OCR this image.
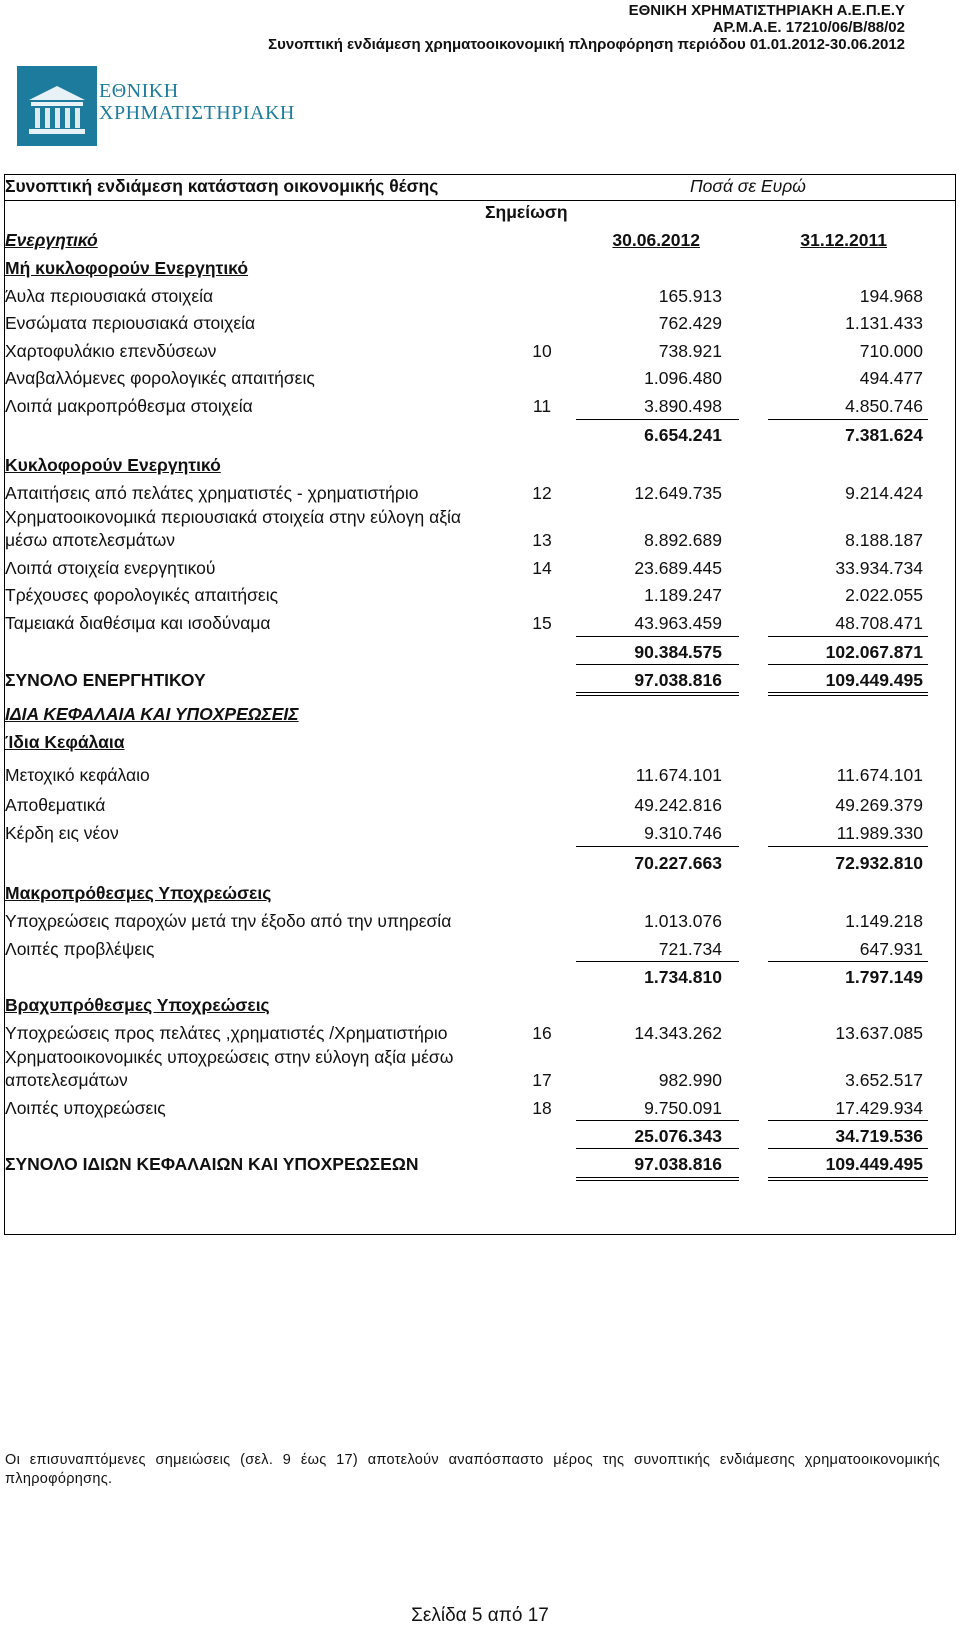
ΕΘΝΙΚΗ ΧΡΗΜΑΤΙΣΤΗΡΙΑΚΗ Α.Ε.Π.Ε.Υ
ΑΡ.Μ.Α.Ε. 17210/06/Β/88/02
Συνοπτική ενδιάμεση χρηματοοικονομική πληροφόρηση περιόδου 01.01.2012-30.06.2012
ΕΘΝΙΚΗ
ΧΡΗΜΑΤΙΣΤΗΡΙΑΚΗ
Συνοπτική ενδιάμεση κατάσταση οικονομικής θέσης	Ποσά σε Ευρώ
Σημείωση
Ενεργητικό	30.06.2012	31.12.2011
Μή κυκλοφορούν Ενεργητικό
Άυλα περιουσιακά στοιχεία	165.913	194.968
Ενσώματα περιουσιακά στοιχεία	762.429	1.131.433
Χαρτοφυλάκιο επενδύσεων	10	738.921	710.000
Αναβαλλόμενες φορολογικές απαιτήσεις	1.096.480	494.477
Λοιπά μακροπρόθεσμα στοιχεία	11	3.890.498	4.850.746
6.654.241	7.381.624
Κυκλοφορούν Ενεργητικό
Απαιτήσεις από πελάτες χρηματιστές - χρηματιστήριο	12	12.649.735	9.214.424
Χρηματοοικονομικά περιουσιακά στοιχεία στην εύλογη αξία
μέσω αποτελεσμάτων	13	8.892.689	8.188.187
Λοιπά στοιχεία ενεργητικού	14	23.689.445	33.934.734
Τρέχουσες φορολογικές απαιτήσεις	1.189.247	2.022.055
Ταμειακά διαθέσιμα και ισοδύναμα	15	43.963.459	48.708.471
90.384.575	102.067.871
ΣΥΝΟΛΟ ΕΝΕΡΓΗΤΙΚΟΥ	97.038.816	109.449.495
ΙΔΙΑ ΚΕΦΑΛΑΙΑ ΚΑΙ ΥΠΟΧΡΕΩΣΕΙΣ
Ίδια Κεφάλαια
Μετοχικό κεφάλαιο	11.674.101	11.674.101
Αποθεματικά	49.242.816	49.269.379
Κέρδη εις νέον	9.310.746	11.989.330
70.227.663	72.932.810
Μακροπρόθεσμες Υποχρεώσεις
Υποχρεώσεις παροχών μετά την έξοδο από την υπηρεσία	1.013.076	1.149.218
Λοιπές προβλέψεις	721.734	647.931
1.734.810	1.797.149
Βραχυπρόθεσμες Υποχρεώσεις
Υποχρεώσεις προς πελάτες ,χρηματιστές /Χρηματιστήριο	16	14.343.262	13.637.085
Χρηματοοικονομικές υποχρεώσεις στην εύλογη αξία μέσω
αποτελεσμάτων	17	982.990	3.652.517
Λοιπές υποχρεώσεις	18	9.750.091	17.429.934
25.076.343	34.719.536
ΣΥΝΟΛΟ ΙΔΙΩΝ ΚΕΦΑΛΑΙΩΝ ΚΑΙ ΥΠΟΧΡΕΩΣΕΩΝ	97.038.816	109.449.495
Οι επισυναπτόμενες σημειώσεις (σελ. 9 έως 17) αποτελούν αναπόσπαστο μέρος της συνοπτικής ενδιάμεσης χρηματοοικονομικής πληροφόρησης.
Σελίδα 5 από 17
